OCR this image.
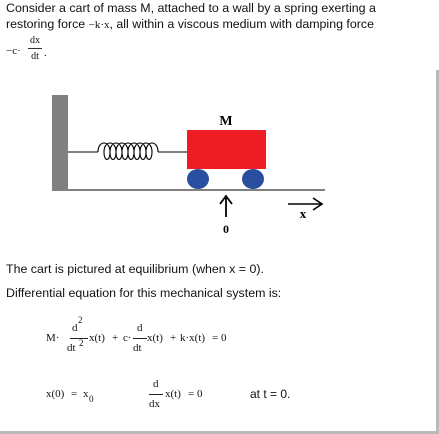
Consider a cart of mass M, attached to a wall by a spring exerting a
restoring force −k·x, all within a viscous medium with damping force
−c·
dx
dt .
M
0
x
The cart is pictured at equilibrium (when x = 0).
Differential equation for this mechanical system is:
M·
d
2
dt 2 x(t) + c·
d
dt
x(t) + k·x(t) = 0
x(0) = x 0
d
dx
x(t) = 0	at t = 0.
